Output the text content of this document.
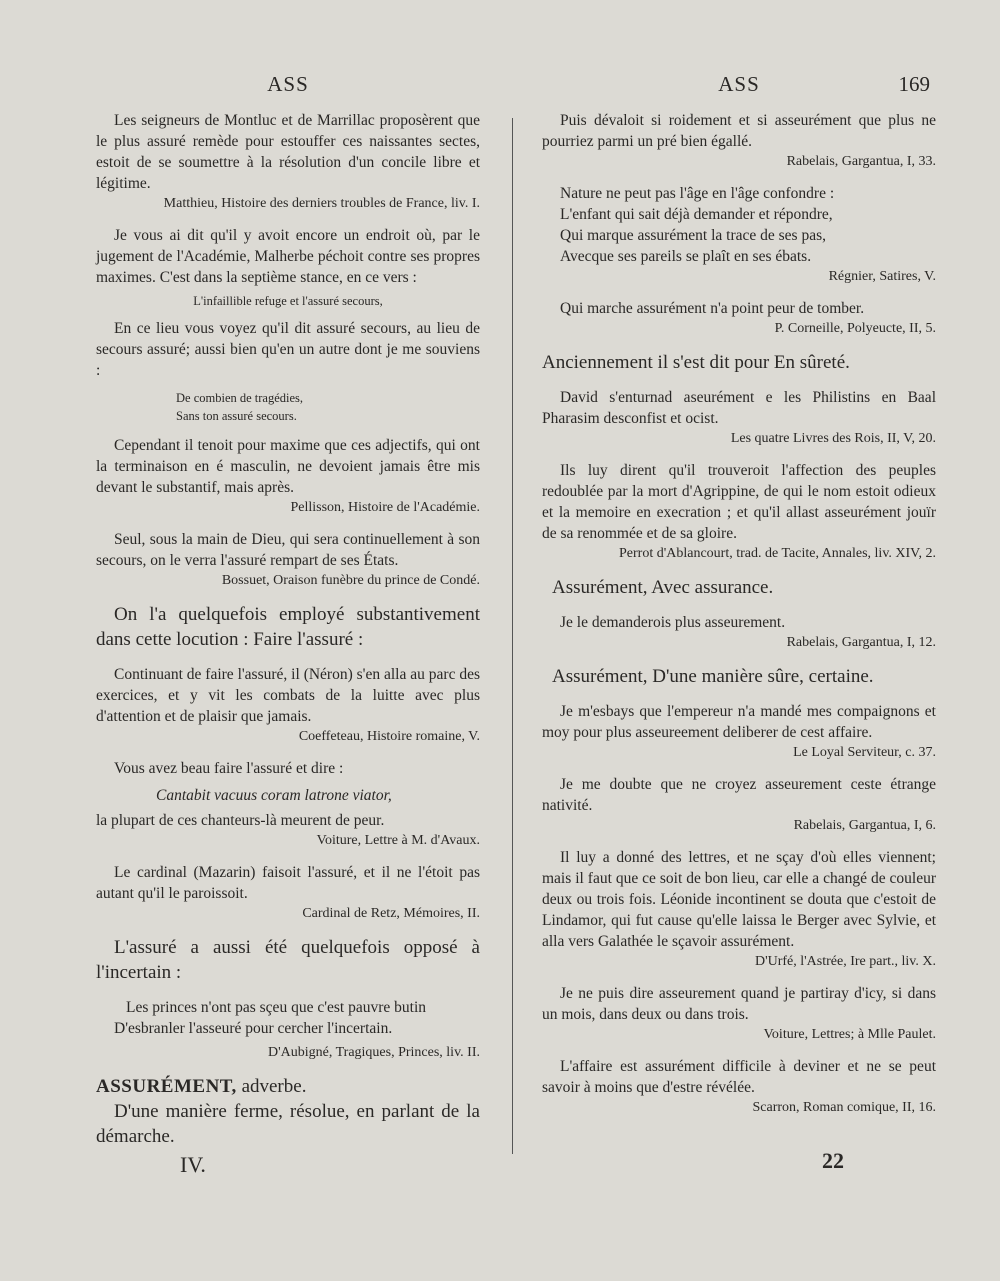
ASS	ASS	169

Les seigneurs de Montluc et de Marrillac proposèrent que le plus assuré remède pour estouffer ces naissantes sectes, estoit de se soumettre à la résolution d'un concile libre et légitime.

Matthieu, Histoire des derniers troubles de France, liv. I.

Je vous ai dit qu'il y avoit encore un endroit où, par le jugement de l'Académie, Malherbe péchoit contre ses propres maximes. C'est dans la septième stance, en ce vers :

L'infaillible refuge et l'assuré secours,

En ce lieu vous voyez qu'il dit assuré secours, au lieu de secours assuré; aussi bien qu'en un autre dont je me souviens :

De combien de tragédies,
Sans ton assuré secours.

Cependant il tenoit pour maxime que ces adjectifs, qui ont la terminaison en é masculin, ne devoient jamais être mis devant le substantif, mais après.

Pellisson, Histoire de l'Académie.

Seul, sous la main de Dieu, qui sera continuellement à son secours, on le verra l'assuré rempart de ses États.

Bossuet, Oraison funèbre du prince de Condé.

On l'a quelquefois employé substantivement dans cette locution : Faire l'assuré :

Continuant de faire l'assuré, il (Néron) s'en alla au parc des exercices, et y vit les combats de la luitte avec plus d'attention et de plaisir que jamais.

Coeffeteau, Histoire romaine, V.

Vous avez beau faire l'assuré et dire :

Cantabit vacuus coram latrone viator,

la plupart de ces chanteurs-là meurent de peur.

Voiture, Lettre à M. d'Avaux.

Le cardinal (Mazarin) faisoit l'assuré, et il ne l'étoit pas autant qu'il le paroissoit.

Cardinal de Retz, Mémoires, II.

L'assuré a aussi été quelquefois opposé à l'incertain :
Les princes n'ont pas sçeu que c'est pauvre butin
D'esbranler l'asseuré pour cercher l'incertain.

D'Aubigné, Tragiques, Princes, liv. II.

ASSURÉMENT, adverbe.
D'une manière ferme, résolue, en parlant de la démarche.

Puis dévaloit si roidement et si asseurément que plus ne pourriez parmi un pré bien égallé.

Rabelais, Gargantua, I, 33.

Nature ne peut pas l'âge en l'âge confondre :
L'enfant qui sait déjà demander et répondre,
Qui marque assurément la trace de ses pas,
Avecque ses pareils se plaît en ses ébats.

Régnier, Satires, V.

Qui marche assurément n'a point peur de tomber.

P. Corneille, Polyeucte, II, 5.

Anciennement il s'est dit pour En sûreté.

David s'enturnad aseurément e les Philistins en Baal Pharasim desconfist et ocist.

Les quatre Livres des Rois, II, V, 20.

Ils luy dirent qu'il trouveroit l'affection des peuples redoublée par la mort d'Agrippine, de qui le nom estoit odieux et la memoire en execration ; et qu'il allast asseurément jouïr de sa renommée et de sa gloire.

Perrot d'Ablancourt, trad. de Tacite, Annales, liv. XIV, 2.

Assurément, Avec assurance.

Je le demanderois plus asseurement.

Rabelais, Gargantua, I, 12.

Assurément, D'une manière sûre, certaine.

Je m'esbays que l'empereur n'a mandé mes compaignons et moy pour plus asseureement deliberer de cest affaire.

Le Loyal Serviteur, c. 37.

Je me doubte que ne croyez asseurement ceste étrange nativité.

Rabelais, Gargantua, I, 6.

Il luy a donné des lettres, et ne sçay d'où elles viennent; mais il faut que ce soit de bon lieu, car elle a changé de couleur deux ou trois fois. Léonide incontinent se douta que c'estoit de Lindamor, qui fut cause qu'elle laissa le Berger avec Sylvie, et alla vers Galathée le sçavoir assurément.

D'Urfé, l'Astrée, Ire part., liv. X.

Je ne puis dire asseurement quand je partiray d'icy, si dans un mois, dans deux ou dans trois.

Voiture, Lettres; à Mlle Paulet.

L'affaire est assurément difficile à deviner et ne se peut savoir à moins que d'estre révélée.

Scarron, Roman comique, II, 16.

IV.	22
